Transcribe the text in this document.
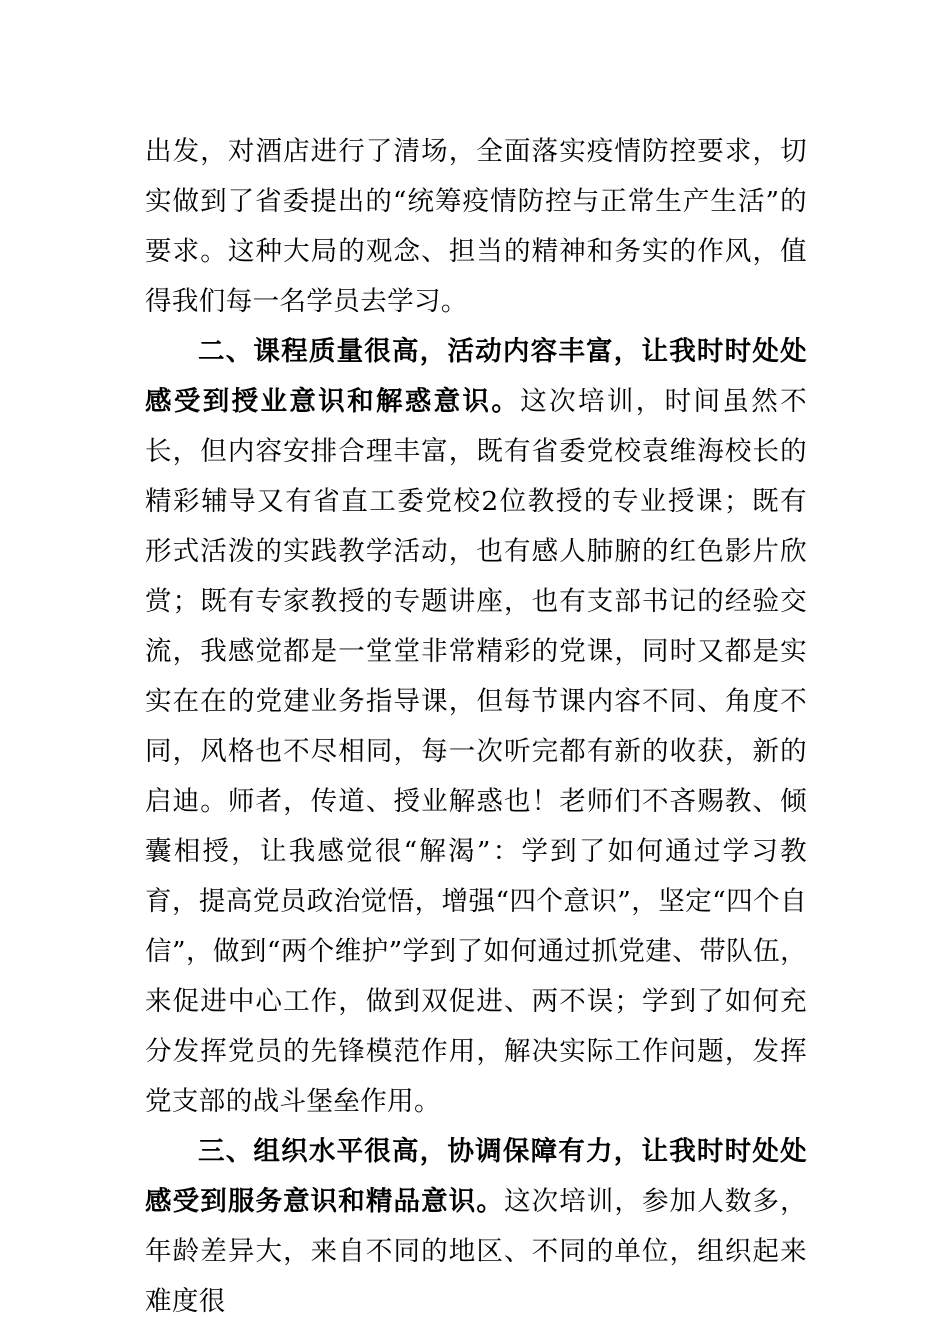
出发，对酒店进行了清场，全面落实疫情防控要求，切实做到了省委提出的“统筹疫情防控与正常生产生活”的要求。这种大局的观念、担当的精神和务实的作风，值得我们每一名学员去学习。

二、课程质量很高，活动内容丰富，让我时时处处感受到授业意识和解惑意识。这次培训，时间虽然不长，但内容安排合理丰富，既有省委党校袁维海校长的精彩辅导又有省直工委党校2位教授的专业授课；既有形式活泼的实践教学活动，也有感人肺腑的红色影片欣赏；既有专家教授的专题讲座，也有支部书记的经验交流，我感觉都是一堂堂非常精彩的党课，同时又都是实实在在的党建业务指导课，但每节课内容不同、角度不同，风格也不尽相同，每一次听完都有新的收获，新的启迪。师者，传道、授业解惑也！老师们不吝赐教、倾囊相授，让我感觉很“解渴”：学到了如何通过学习教育，提高党员政治觉悟，增强“四个意识”，坚定“四个自信”，做到“两个维护”学到了如何通过抓党建、带队伍，来促进中心工作，做到双促进、两不误；学到了如何充分发挥党员的先锋模范作用，解决实际工作问题，发挥党支部的战斗堡垒作用。

三、组织水平很高，协调保障有力，让我时时处处感受到服务意识和精品意识。这次培训，参加人数多，年龄差异大，来自不同的地区、不同的单位，组织起来难度很
